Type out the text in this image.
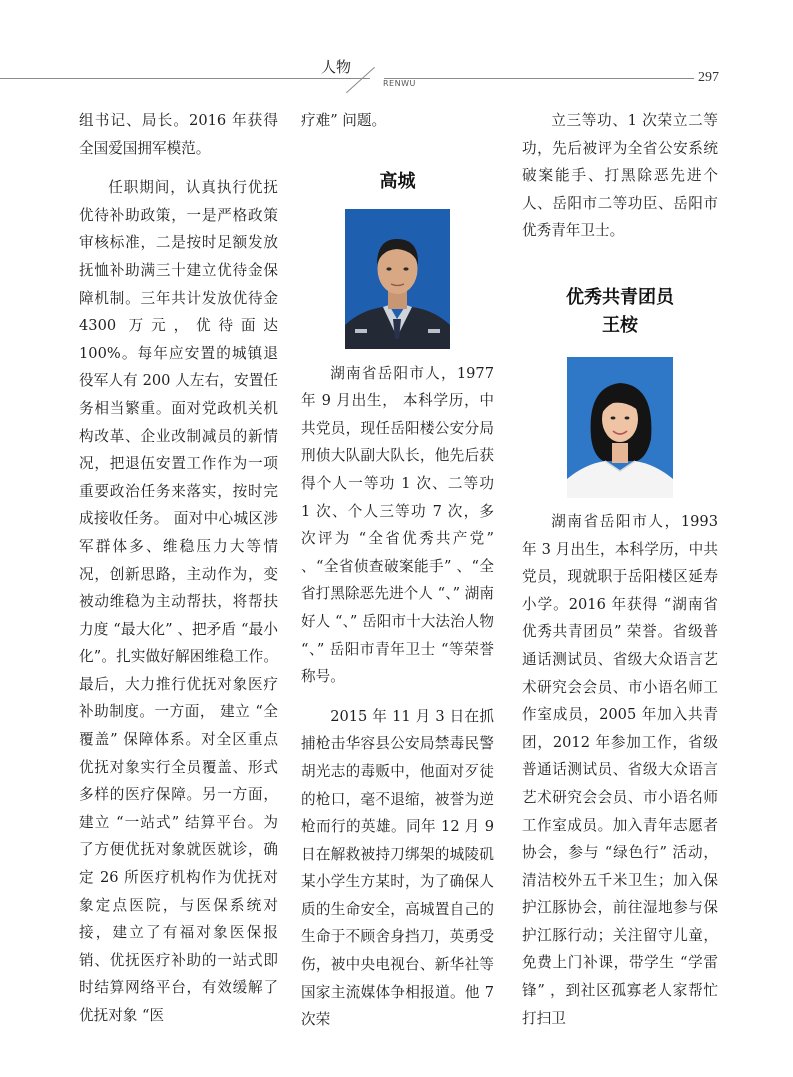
人物
RENWU	297

组书记、局长。2016 年获得全国爱国拥军模范。

任职期间，认真执行优抚优待补助政策，一是严格政策审核标准，二是按时足额发放抚恤补助满三十建立优待金保障机制。三年共计发放优待金 4300 万元，优待面达 100%。每年应安置的城镇退役军人有 200 人左右，安置任务相当繁重。面对党政机关机构改革、企业改制减员的新情况，把退伍安置工作作为一项重要政治任务来落实，按时完成接收任务。 面对中心城区涉军群体多、维稳压力大等情况，创新思路，主动作为，变被动维稳为主动帮扶，将帮扶力度 “最大化” 、把矛盾 “最小化”。扎实做好解困维稳工作。最后，大力推行优抚对象医疗补助制度。一方面， 建立 “全覆盖” 保障体系。对全区重点优抚对象实行全员覆盖、形式多样的医疗保障。另一方面，建立 “一站式” 结算平台。为了方便优抚对象就医就诊，确定 26 所医疗机构作为优抚对象定点医院，与医保系统对接，建立了有福对象医保报销、优抚医疗补助的一站式即时结算网络平台，有效缓解了优抚对象 “医

疗难” 问题。

高城

湖南省岳阳市人，1977 年 9 月出生， 本科学历，中共党员，现任岳阳楼公安分局刑侦大队副大队长，他先后获得个人一等功 1 次、二等功 1 次、个人三等功 7 次，多次评为 “全省优秀共产党” 、“全省侦查破案能手” 、“全省打黑除恶先进个人 “、” 湖南好人 “、” 岳阳市十大法治人物 “、” 岳阳市青年卫士 “等荣誉称号。

2015 年 11 月 3 日在抓捕枪击华容县公安局禁毒民警胡光志的毒贩中，他面对歹徒的枪口，毫不退缩，被誉为逆枪而行的英雄。同年 12 月 9 日在解救被持刀绑架的城陵矶某小学生方某时，为了确保人质的生命安全，高城置自己的生命于不顾舍身挡刀，英勇受伤，被中央电视台、新华社等国家主流媒体争相报道。他 7 次荣

立三等功、1 次荣立二等功，先后被评为全省公安系统破案能手、打黑除恶先进个人、岳阳市二等功臣、岳阳市优秀青年卫士。

优秀共青团员
王桉

湖南省岳阳市人，1993 年 3 月出生，本科学历，中共党员，现就职于岳阳楼区延寿小学。2016 年获得 “湖南省优秀共青团员” 荣誉。省级普通话测试员、省级大众语言艺术研究会会员、市小语名师工作室成员，2005 年加入共青团，2012 年参加工作，省级普通话测试员、省级大众语言艺术研究会会员、市小语名师工作室成员。加入青年志愿者协会，参与 “绿色行” 活动，清洁校外五千米卫生；加入保护江豚协会，前往湿地参与保护江豚行动；关注留守儿童，免费上门补课，带学生 “学雷锋” ，到社区孤寡老人家帮忙打扫卫
